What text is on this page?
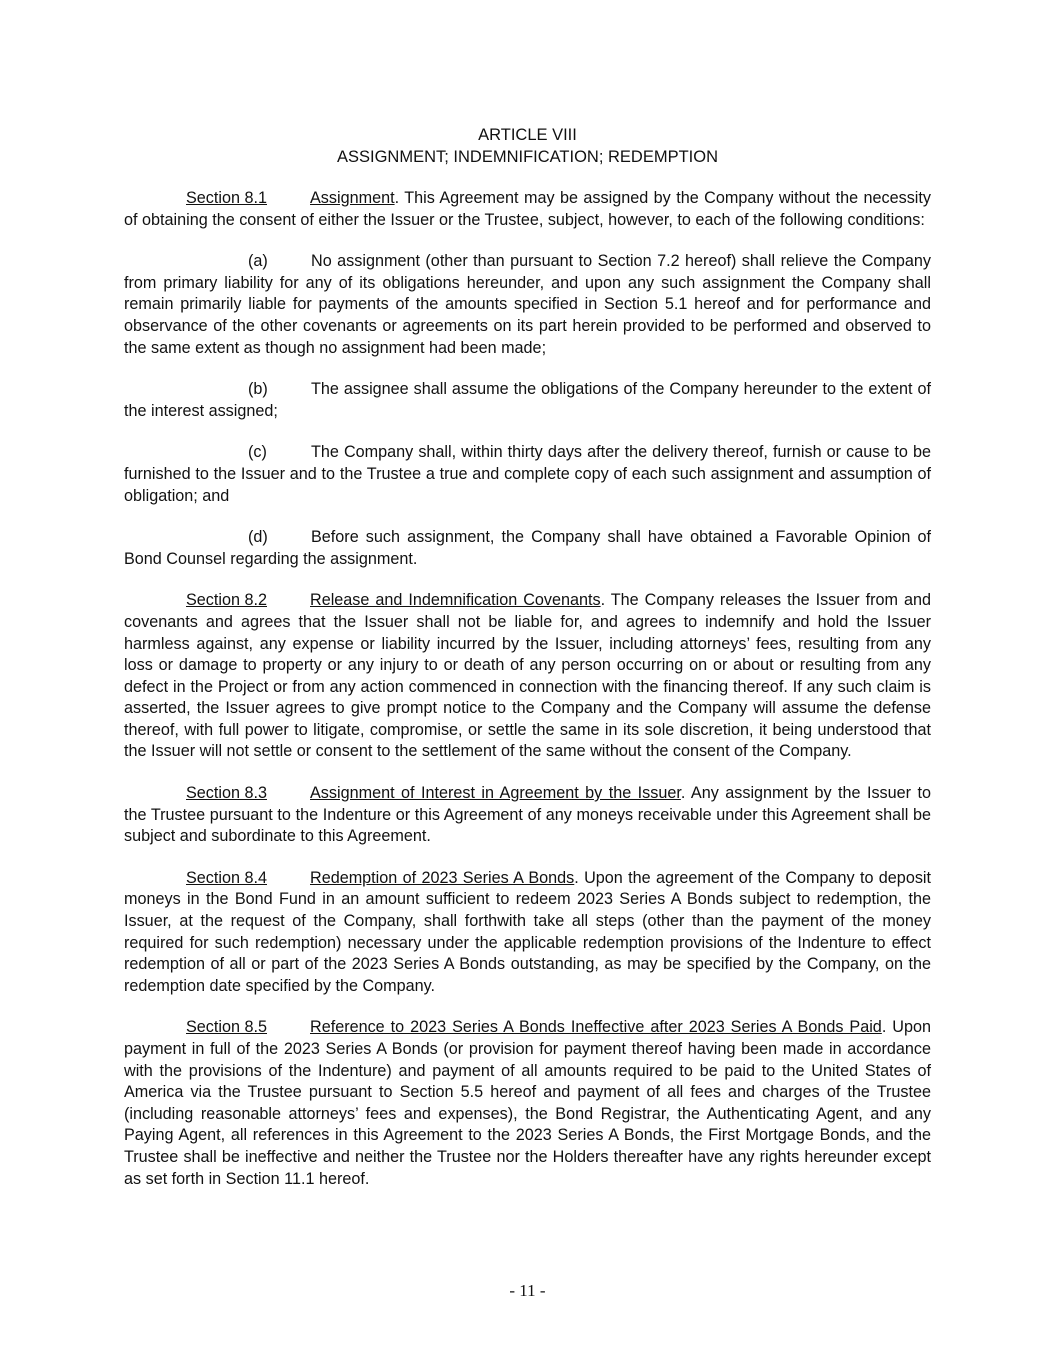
ARTICLE VIII
ASSIGNMENT; INDEMNIFICATION; REDEMPTION

Section 8.1	Assignment. This Agreement may be assigned by the Company without the necessity of obtaining the consent of either the Issuer or the Trustee, subject, however, to each of the following conditions:

(a)	No assignment (other than pursuant to Section 7.2 hereof) shall relieve the Company from primary liability for any of its obligations hereunder, and upon any such assignment the Company shall remain primarily liable for payments of the amounts specified in Section 5.1 hereof and for performance and observance of the other covenants or agreements on its part herein provided to be performed and observed to the same extent as though no assignment had been made;

(b)	The assignee shall assume the obligations of the Company hereunder to the extent of the interest assigned;

(c)	The Company shall, within thirty days after the delivery thereof, furnish or cause to be furnished to the Issuer and to the Trustee a true and complete copy of each such assignment and assumption of obligation; and

(d)	Before such assignment, the Company shall have obtained a Favorable Opinion of Bond Counsel regarding the assignment.

Section 8.2	Release and Indemnification Covenants. The Company releases the Issuer from and covenants and agrees that the Issuer shall not be liable for, and agrees to indemnify and hold the Issuer harmless against, any expense or liability incurred by the Issuer, including attorneys’ fees, resulting from any loss or damage to property or any injury to or death of any person occurring on or about or resulting from any defect in the Project or from any action commenced in connection with the financing thereof. If any such claim is asserted, the Issuer agrees to give prompt notice to the Company and the Company will assume the defense thereof, with full power to litigate, compromise, or settle the same in its sole discretion, it being understood that the Issuer will not settle or consent to the settlement of the same without the consent of the Company.

Section 8.3	Assignment of Interest in Agreement by the Issuer. Any assignment by the Issuer to the Trustee pursuant to the Indenture or this Agreement of any moneys receivable under this Agreement shall be subject and subordinate to this Agreement.

Section 8.4	Redemption of 2023 Series A Bonds. Upon the agreement of the Company to deposit moneys in the Bond Fund in an amount sufficient to redeem 2023 Series A Bonds subject to redemption, the Issuer, at the request of the Company, shall forthwith take all steps (other than the payment of the money required for such redemption) necessary under the applicable redemption provisions of the Indenture to effect redemption of all or part of the 2023 Series A Bonds outstanding, as may be specified by the Company, on the redemption date specified by the Company.

Section 8.5	Reference to 2023 Series A Bonds Ineffective after 2023 Series A Bonds Paid. Upon payment in full of the 2023 Series A Bonds (or provision for payment thereof having been made in accordance with the provisions of the Indenture) and payment of all amounts required to be paid to the United States of America via the Trustee pursuant to Section 5.5 hereof and payment of all fees and charges of the Trustee (including reasonable attorneys’ fees and expenses), the Bond Registrar, the Authenticating Agent, and any Paying Agent, all references in this Agreement to the 2023 Series A Bonds, the First Mortgage Bonds, and the Trustee shall be ineffective and neither the Trustee nor the Holders thereafter have any rights hereunder except as set forth in Section 11.1 hereof.

- 11 -
